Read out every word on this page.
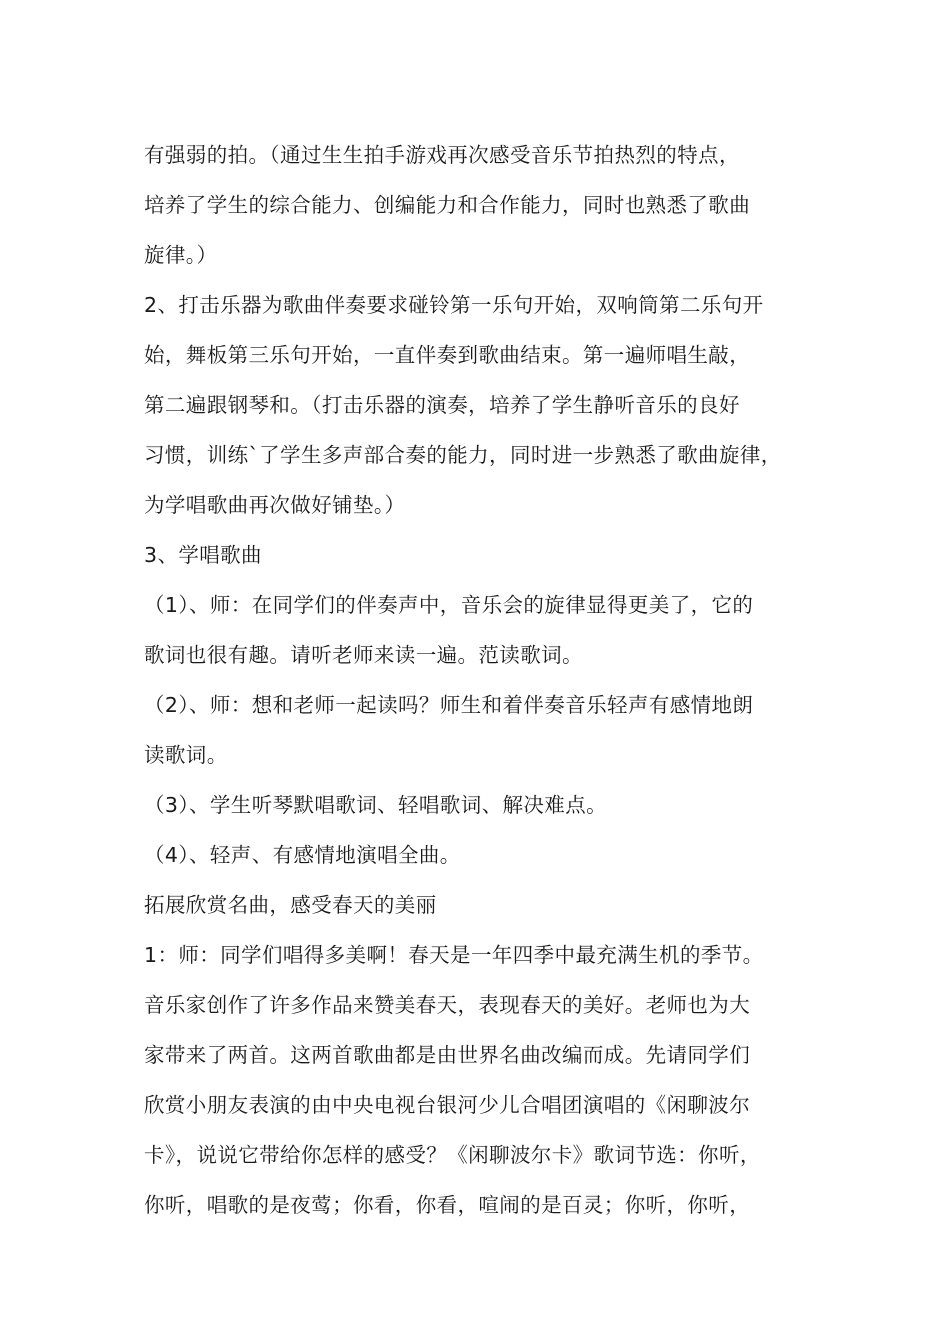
有强弱的拍。（通过生生拍手游戏再次感受音乐节拍热烈的特点，
培养了学生的综合能力、创编能力和合作能力，同时也熟悉了歌曲
旋律。）
2、打击乐器为歌曲伴奏要求碰铃第一乐句开始，双响筒第二乐句开
始，舞板第三乐句开始，一直伴奏到歌曲结束。第一遍师唱生敲，
第二遍跟钢琴和。（打击乐器的演奏，培养了学生静听音乐的良好
习惯，训练`了学生多声部合奏的能力，同时进一步熟悉了歌曲旋律，
为学唱歌曲再次做好铺垫。）
3、学唱歌曲
（1）、师：在同学们的伴奏声中，音乐会的旋律显得更美了，它的
歌词也很有趣。请听老师来读一遍。范读歌词。
（2）、师：想和老师一起读吗？师生和着伴奏音乐轻声有感情地朗
读歌词。
（3）、学生听琴默唱歌词、轻唱歌词、解决难点。
（4）、轻声、有感情地演唱全曲。
拓展欣赏名曲，感受春天的美丽
1：师：同学们唱得多美啊！春天是一年四季中最充满生机的季节。
音乐家创作了许多作品来赞美春天，表现春天的美好。老师也为大
家带来了两首。这两首歌曲都是由世界名曲改编而成。先请同学们
欣赏小朋友表演的由中央电视台银河少儿合唱团演唱的《闲聊波尔
卡》，说说它带给你怎样的感受？《闲聊波尔卡》歌词节选：你听，
你听，唱歌的是夜莺；你看，你看，喧闹的是百灵；你听，你听，
